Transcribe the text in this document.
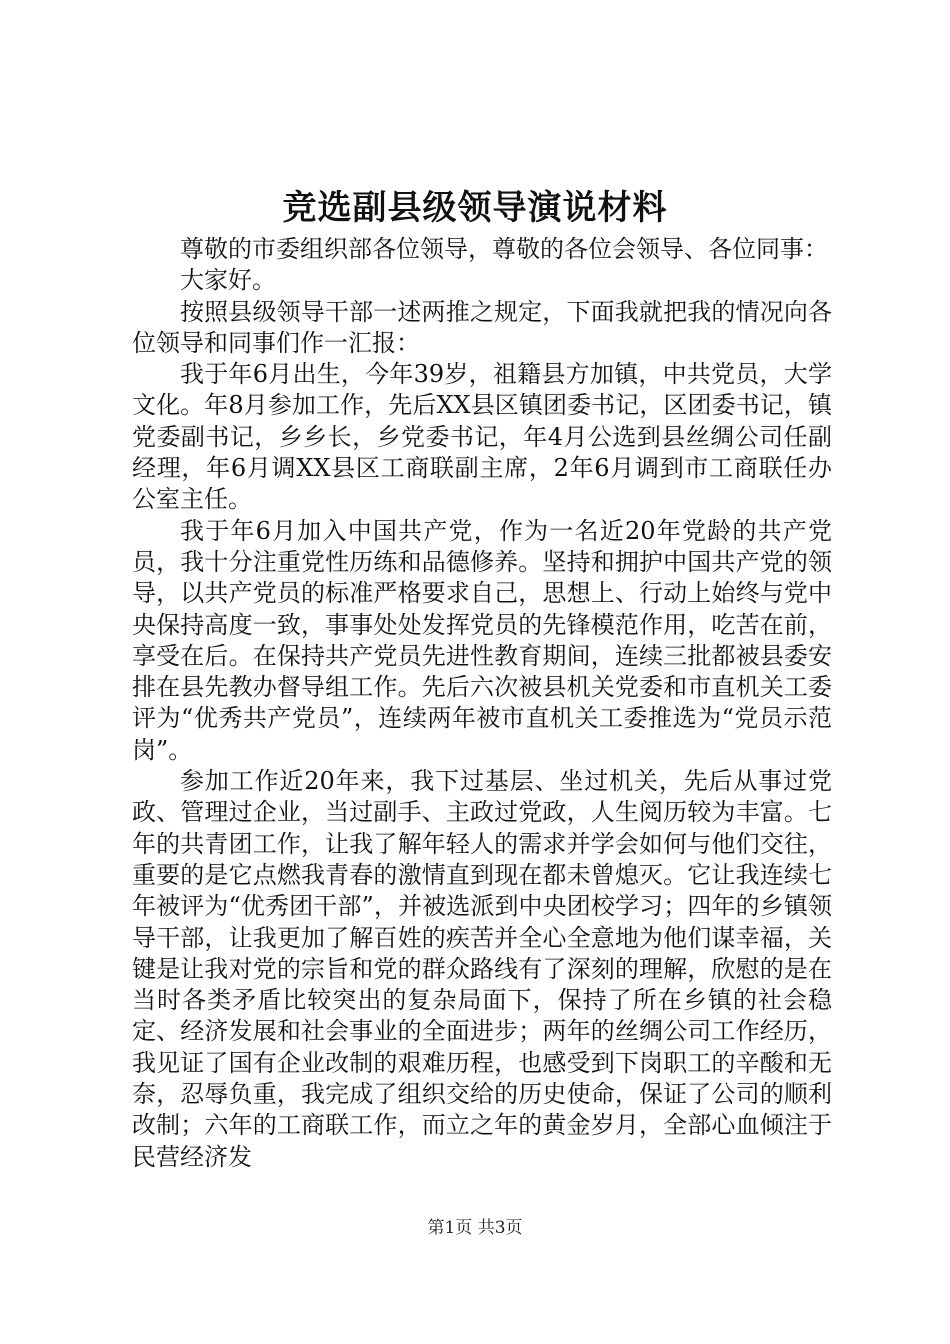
竞选副县级领导演说材料

尊敬的市委组织部各位领导，尊敬的各位会领导、各位同事：

大家好。

按照县级领导干部一述两推之规定，下面我就把我的情况向各位领导和同事们作一汇报：

我于年6月出生，今年39岁，祖籍县方加镇，中共党员，大学文化。年8月参加工作，先后XX县区镇团委书记，区团委书记，镇党委副书记，乡乡长，乡党委书记，年4月公选到县丝绸公司任副经理，年6月调XX县区工商联副主席，2年6月调到市工商联任办公室主任。

我于年6月加入中国共产党，作为一名近20年党龄的共产党员，我十分注重党性历练和品德修养。坚持和拥护中国共产党的领导，以共产党员的标准严格要求自己，思想上、行动上始终与党中央保持高度一致，事事处处发挥党员的先锋模范作用，吃苦在前，享受在后。在保持共产党员先进性教育期间，连续三批都被县委安排在县先教办督导组工作。先后六次被县机关党委和市直机关工委评为“优秀共产党员”，连续两年被市直机关工委推选为“党员示范岗”。

参加工作近20年来，我下过基层、坐过机关，先后从事过党政、管理过企业，当过副手、主政过党政，人生阅历较为丰富。七年的共青团工作，让我了解年轻人的需求并学会如何与他们交往，重要的是它点燃我青春的激情直到现在都未曾熄灭。它让我连续七年被评为“优秀团干部”，并被选派到中央团校学习；四年的乡镇领导干部，让我更加了解百姓的疾苦并全心全意地为他们谋幸福，关键是让我对党的宗旨和党的群众路线有了深刻的理解，欣慰的是在当时各类矛盾比较突出的复杂局面下，保持了所在乡镇的社会稳定、经济发展和社会事业的全面进步；两年的丝绸公司工作经历，我见证了国有企业改制的艰难历程，也感受到下岗职工的辛酸和无奈，忍辱负重，我完成了组织交给的历史使命，保证了公司的顺利改制；六年的工商联工作，而立之年的黄金岁月，全部心血倾注于民营经济发

第1页 共3页
